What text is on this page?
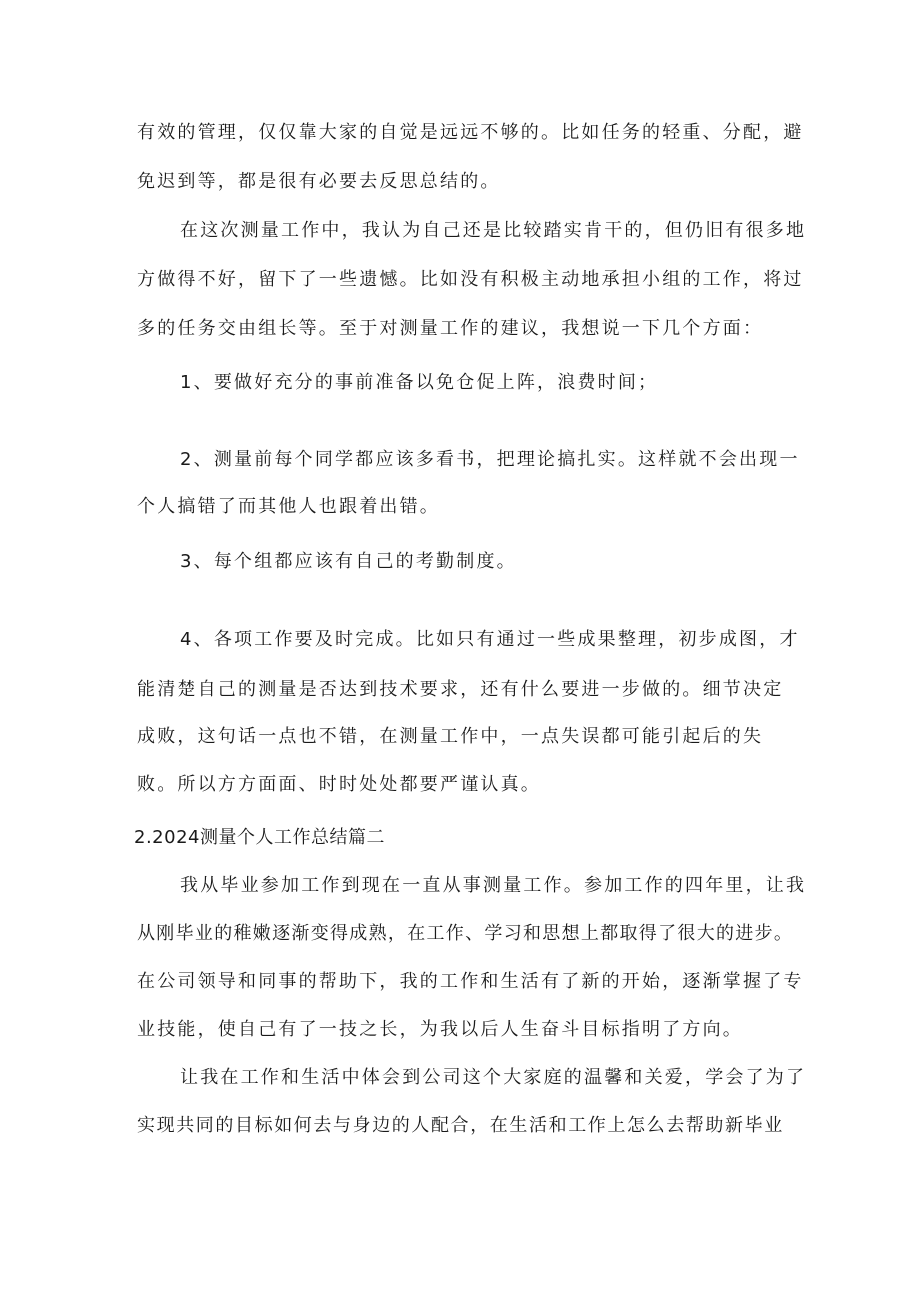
有效的管理，仅仅靠大家的自觉是远远不够的。比如任务的轻重、分配，避
免迟到等，都是很有必要去反思总结的。
在这次测量工作中，我认为自己还是比较踏实肯干的，但仍旧有很多地
方做得不好，留下了一些遗憾。比如没有积极主动地承担小组的工作，将过
多的任务交由组长等。至于对测量工作的建议，我想说一下几个方面：
1、要做好充分的事前准备以免仓促上阵，浪费时间；
2、测量前每个同学都应该多看书，把理论搞扎实。这样就不会出现一
个人搞错了而其他人也跟着出错。
3、每个组都应该有自己的考勤制度。
4、各项工作要及时完成。比如只有通过一些成果整理，初步成图，才
能清楚自己的测量是否达到技术要求，还有什么要进一步做的。细节决定
成败，这句话一点也不错，在测量工作中，一点失误都可能引起后的失
败。所以方方面面、时时处处都要严谨认真。
2.2024测量个人工作总结篇二
我从毕业参加工作到现在一直从事测量工作。参加工作的四年里，让我
从刚毕业的稚嫩逐渐变得成熟，在工作、学习和思想上都取得了很大的进步。
在公司领导和同事的帮助下，我的工作和生活有了新的开始，逐渐掌握了专
业技能，使自己有了一技之长，为我以后人生奋斗目标指明了方向。
让我在工作和生活中体会到公司这个大家庭的温馨和关爱，学会了为了
实现共同的目标如何去与身边的人配合，在生活和工作上怎么去帮助新毕业
